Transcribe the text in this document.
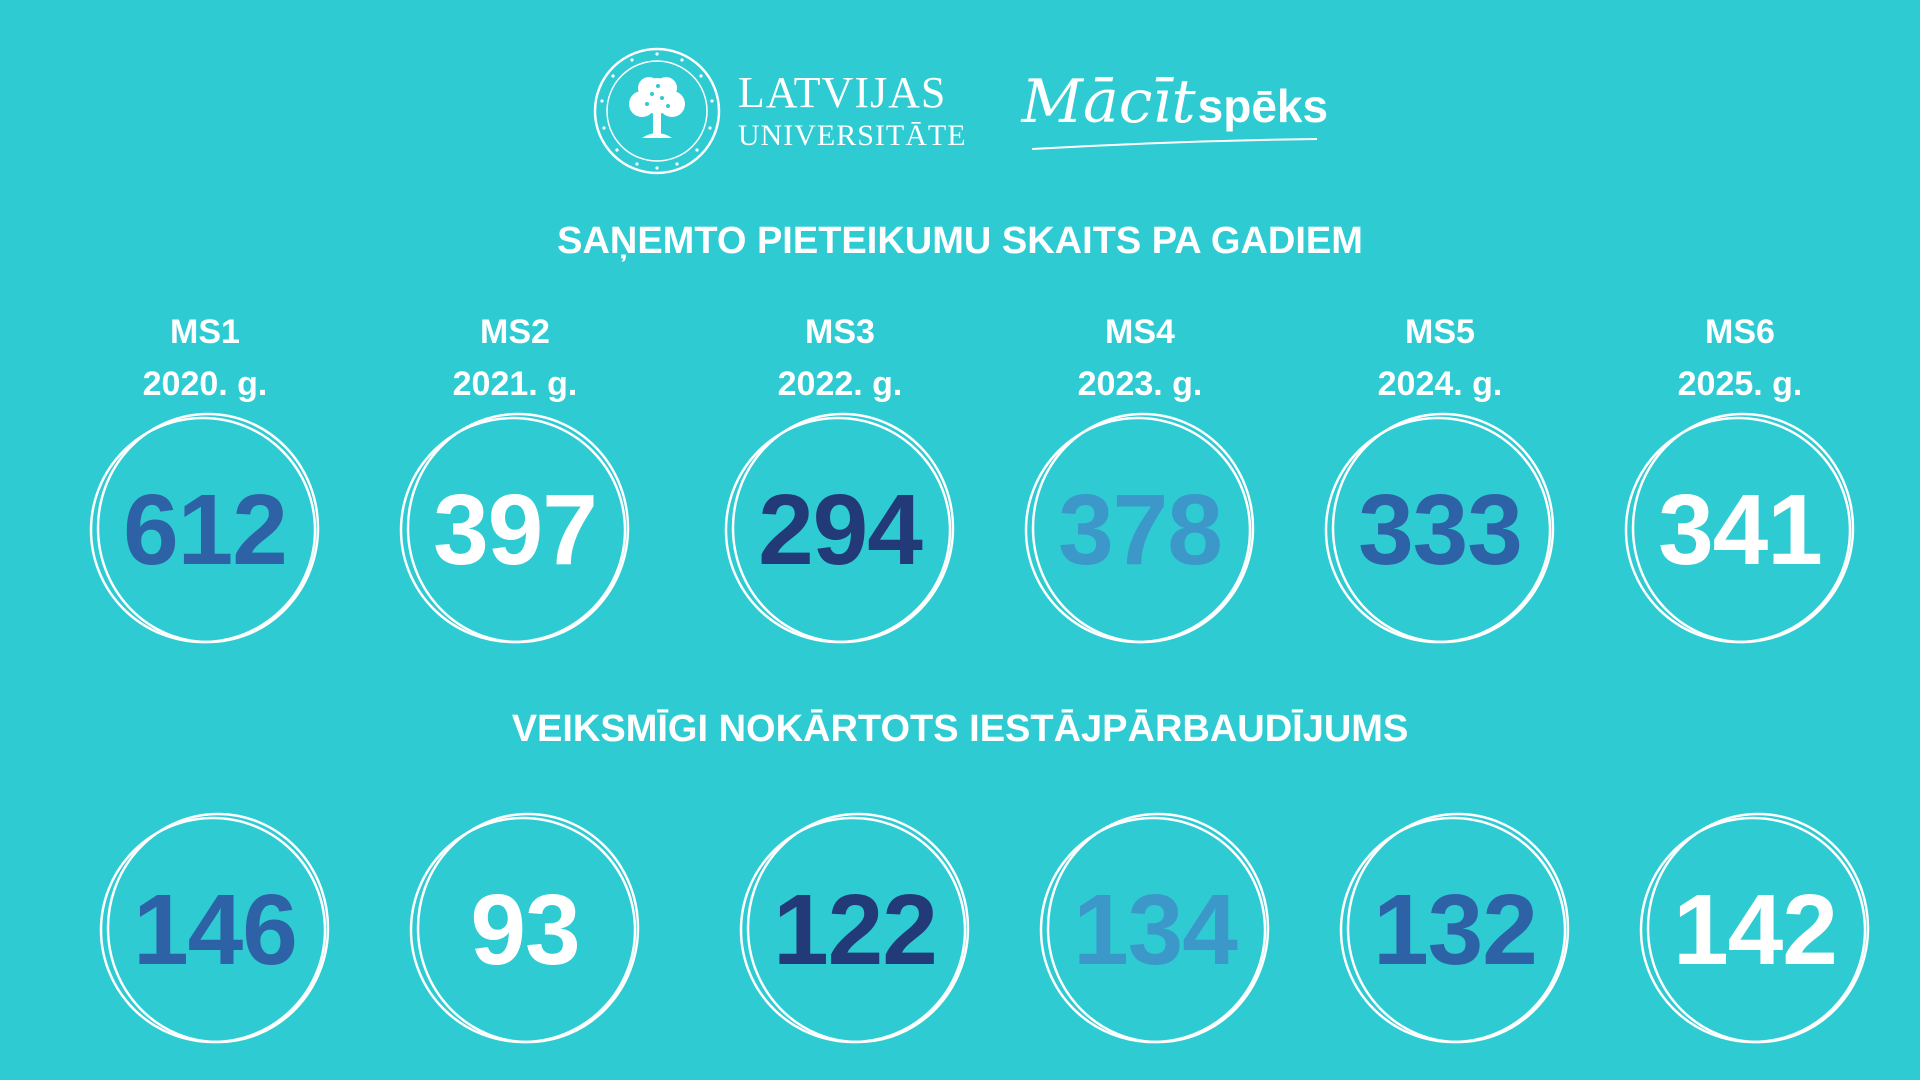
LATVIJAS
UNIVERSITĀTE Mācīt spēks
SAŅEMTO PIETEIKUMU SKAITS PA GADIEM
MS1
2020. g.
612
MS2
2021. g.
397
MS3
2022. g.
294
MS4
2023. g.
378
MS5
2024. g.
333
MS6
2025. g.
341
VEIKSMĪGI NOKĀRTOTS IESTĀJPĀRBAUDĪJUMS
146	93	122	134	132	142
